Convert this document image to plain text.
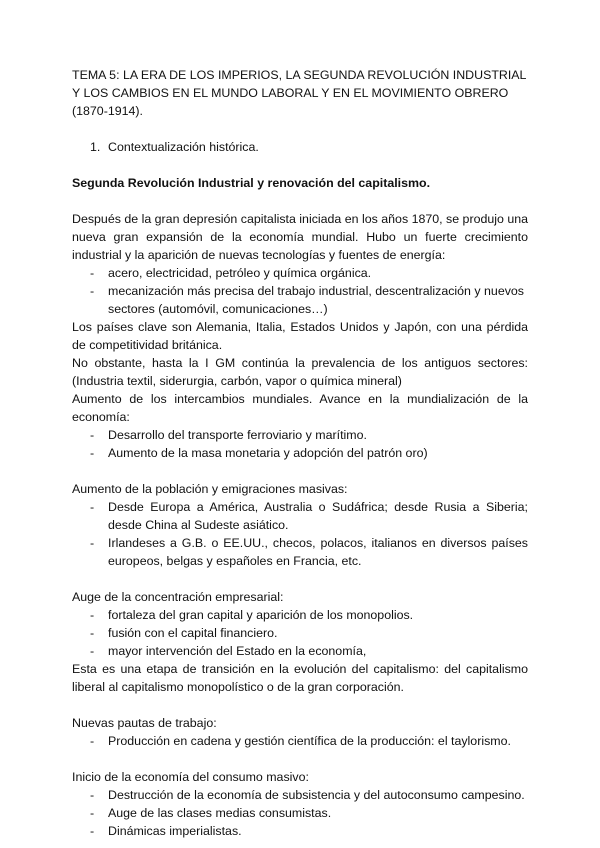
TEMA 5: LA ERA DE LOS IMPERIOS, LA SEGUNDA REVOLUCIÓN INDUSTRIAL

Y LOS CAMBIOS EN EL MUNDO LABORAL Y EN EL MOVIMIENTO OBRERO

(1870-1914).

1. Contextualización histórica.

Segunda Revolución Industrial y renovación del capitalismo.

Después de la gran depresión capitalista iniciada en los años 1870, se produjo una nueva gran expansión de la economía mundial. Hubo un fuerte crecimiento industrial y la aparición de nuevas tecnologías y fuentes de energía:

- acero, electricidad, petróleo y química orgánica.
- mecanización más precisa del trabajo industrial, descentralización y nuevos sectores (automóvil, comunicaciones…)

Los países clave son Alemania, Italia, Estados Unidos y Japón, con una pérdida de competitividad británica.

No obstante, hasta la I GM continúa la prevalencia de los antiguos sectores: (Industria textil, siderurgia, carbón, vapor o química mineral)

Aumento de los intercambios mundiales. Avance en la mundialización de la economía:

- Desarrollo del transporte ferroviario y marítimo.
- Aumento de la masa monetaria y adopción del patrón oro)

Aumento de la población y emigraciones masivas:

- Desde Europa a América, Australia o Sudáfrica; desde Rusia a Siberia; desde China al Sudeste asiático.
- Irlandeses a G.B. o EE.UU., checos, polacos, italianos en diversos países europeos, belgas y españoles en Francia, etc.

Auge de la concentración empresarial:

- fortaleza del gran capital y aparición de los monopolios.
- fusión con el capital financiero.
- mayor intervención del Estado en la economía,

Esta es una etapa de transición en la evolución del capitalismo: del capitalismo liberal al capitalismo monopolístico o de la gran corporación.

Nuevas pautas de trabajo:

- Producción en cadena y gestión científica de la producción: el taylorismo.

Inicio de la economía del consumo masivo:

- Destrucción de la economía de subsistencia y del autoconsumo campesino.
- Auge de las clases medias consumistas.
- Dinámicas imperialistas.
